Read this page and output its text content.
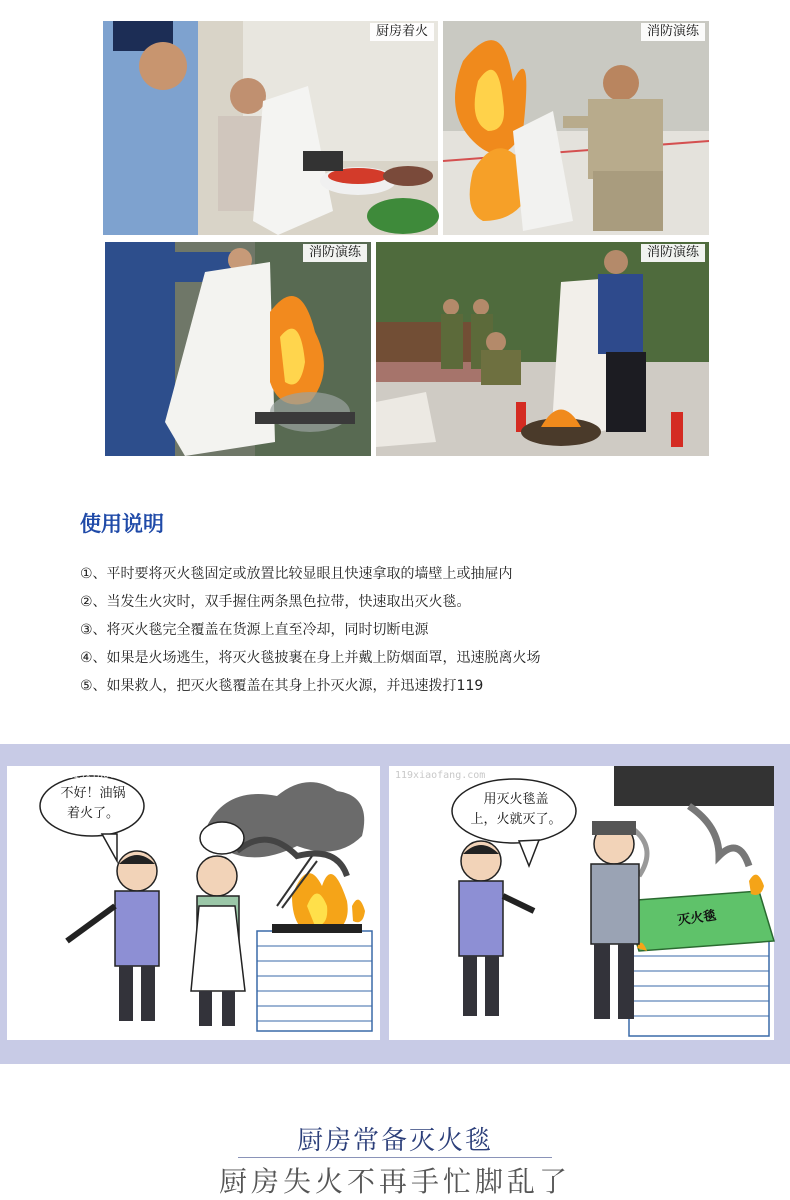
厨房着火	消防演练
消防演练	消防演练
使用说明
①、平时要将灭火毯固定或放置比较显眼且快速拿取的墙壁上或抽屉内
②、当发生火灾时，双手握住两条黑色拉带，快速取出灭火毯。
③、将灭火毯完全覆盖在货源上直至冷却，同时切断电源
④、如果是火场逃生，将灭火毯披裹在身上并戴上防烟面罩，迅速脱离火场
⑤、如果救人，把灭火毯覆盖在其身上扑灭火源，并迅速拨打119
不好！油锅
着火了。
119xiaofang.com
用灭火毯盖
上，火就灭了。
灭火毯
119xiaofang.com
厨房常备灭火毯
厨房失火不再手忙脚乱了
